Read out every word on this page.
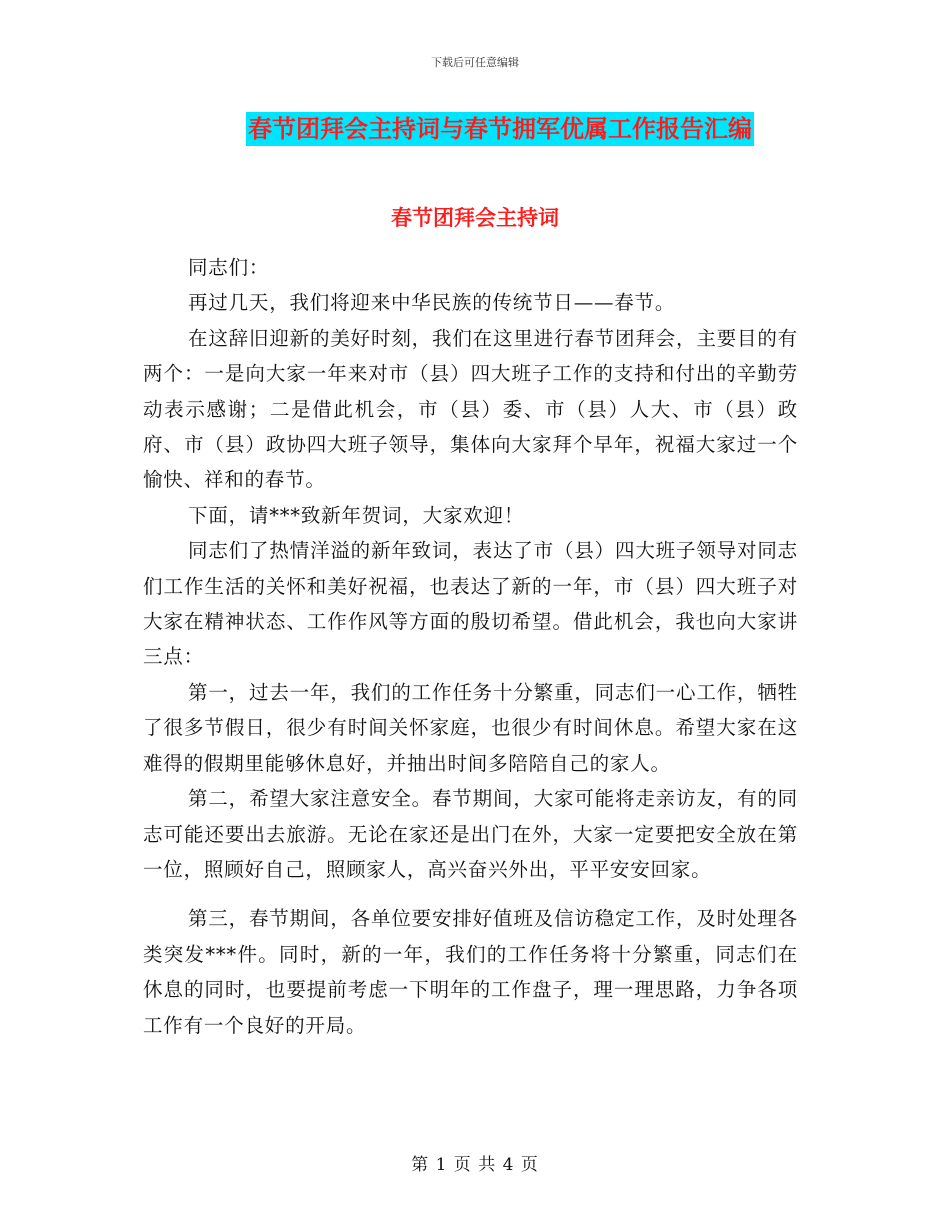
下载后可任意编辑
春节团拜会主持词与春节拥军优属工作报告汇编
春节团拜会主持词

同志们：

再过几天，我们将迎来中华民族的传统节日——春节。

在这辞旧迎新的美好时刻，我们在这里进行春节团拜会，主要目的有两个：一是向大家一年来对市（县）四大班子工作的支持和付出的辛勤劳动表示感谢；二是借此机会，市（县）委、市（县）人大、市（县）政府、市（县）政协四大班子领导，集体向大家拜个早年，祝福大家过一个愉快、祥和的春节。

下面，请***致新年贺词，大家欢迎！

同志们了热情洋溢的新年致词，表达了市（县）四大班子领导对同志们工作生活的关怀和美好祝福，也表达了新的一年，市（县）四大班子对大家在精神状态、工作作风等方面的殷切希望。借此机会，我也向大家讲三点：

第一，过去一年，我们的工作任务十分繁重，同志们一心工作，牺牲了很多节假日，很少有时间关怀家庭，也很少有时间休息。希望大家在这难得的假期里能够休息好，并抽出时间多陪陪自己的家人。

第二，希望大家注意安全。春节期间，大家可能将走亲访友，有的同志可能还要出去旅游。无论在家还是出门在外，大家一定要把安全放在第一位，照顾好自己，照顾家人，高兴奋兴外出，平平安安回家。

第三，春节期间，各单位要安排好值班及信访稳定工作，及时处理各类突发***件。同时，新的一年，我们的工作任务将十分繁重，同志们在休息的同时，也要提前考虑一下明年的工作盘子，理一理思路，力争各项工作有一个良好的开局。

第 1 页 共 4 页
